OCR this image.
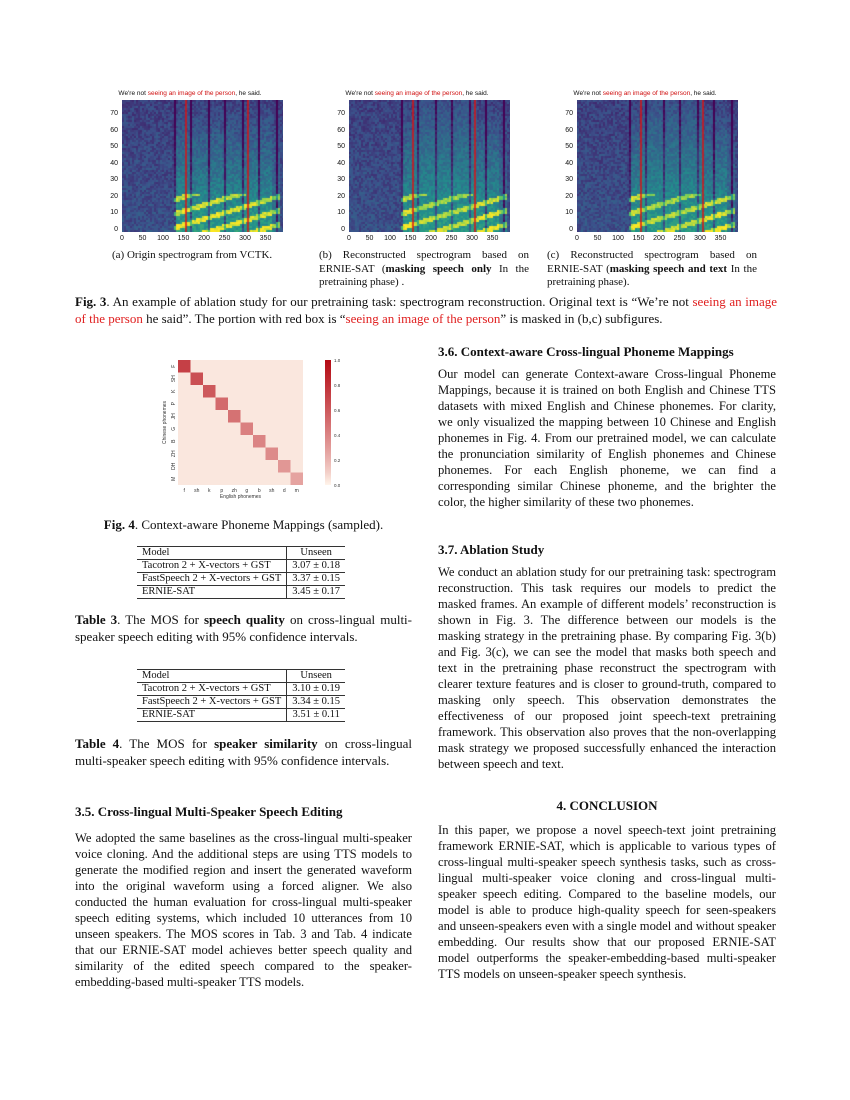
We're not seeing an image of the person, he said.
70
60
50
40
30
20
10
0
0	50	100	150	200	250	300	350
We're not seeing an image of the person, he said.
70
60
50
40
30
20
10
0
0	50	100	150	200	250	300	350
We're not seeing an image of the person, he said.
70
60
50
40
30
20
10
0
0	50	100	150	200	250	300	350
(a) Origin spectrogram from VCTK.	(b) Reconstructed spectrogram based on ERNIE-SAT (masking speech only In the pretraining phase) .
(c) Reconstructed spectrogram based on ERNIE-SAT (masking speech and text In the pretraining phase).
Fig. 3. An example of ablation study for our pretraining task: spectrogram reconstruction. Original text is “We’re not seeing an image of the person he said”. The portion with red box is “seeing an image of the person” is masked in (b,c) subfigures.
f sh k p zh g b sh d m
F
SH
K
P
JH
G
B
ZH
DH
M
English phonemes
Chinese phonemes
1.0
0.8
0.6
0.4
0.2
0.0
Fig. 4. Context-aware Phoneme Mappings (sampled).
Model	Unseen
Tacotron 2 + X-vectors + GST	3.07 ± 0.18
FastSpeech 2 + X-vectors + GST	3.37 ± 0.15
ERNIE-SAT	3.45 ± 0.17
Table 3. The MOS for speech quality on cross-lingual multi-speaker speech editing with 95% confidence intervals.
Model	Unseen
Tacotron 2 + X-vectors + GST	3.10 ± 0.19
FastSpeech 2 + X-vectors + GST	3.34 ± 0.15
ERNIE-SAT	3.51 ± 0.11
Table 4. The MOS for speaker similarity on cross-lingual multi-speaker speech editing with 95% confidence intervals.
3.5. Cross-lingual Multi-Speaker Speech Editing
We adopted the same baselines as the cross-lingual multi-speaker voice cloning. And the additional steps are using TTS models to generate the modified region and insert the generated waveform into the original waveform using a forced aligner. We also conducted the human evaluation for cross-lingual multi-speaker speech editing systems, which included 10 utterances from 10 unseen speakers. The MOS scores in Tab. 3 and Tab. 4 indicate that our ERNIE-SAT model achieves better speech quality and similarity of the edited speech compared to the speaker-embedding-based multi-speaker TTS models.
3.6. Context-aware Cross-lingual Phoneme Mappings
Our model can generate Context-aware Cross-lingual Phoneme Mappings, because it is trained on both English and Chinese TTS datasets with mixed English and Chinese phonemes. For clarity, we only visualized the mapping between 10 Chinese and English phonemes in Fig. 4. From our pretrained model, we can calculate the pronunciation similarity of English phonemes and Chinese phonemes. For each English phoneme, we can find a corresponding similar Chinese phoneme, and the brighter the color, the higher similarity of these two phonemes.
3.7. Ablation Study
We conduct an ablation study for our pretraining task: spectrogram reconstruction. This task requires our models to predict the masked frames. An example of different models’ reconstruction is shown in Fig. 3. The difference between our models is the masking strategy in the pretraining phase. By comparing Fig. 3(b) and Fig. 3(c), we can see the model that masks both speech and text in the pretraining phase reconstruct the spectrogram with clearer texture features and is closer to ground-truth, compared to masking only speech. This observation demonstrates the effectiveness of our proposed joint speech-text pretraining framework. This observation also proves that the non-overlapping mask strategy we proposed successfully enhanced the interaction between speech and text.
4. CONCLUSION
In this paper, we propose a novel speech-text joint pretraining framework ERNIE-SAT, which is applicable to various types of cross-lingual multi-speaker speech synthesis tasks, such as cross-lingual multi-speaker voice cloning and cross-lingual multi-speaker speech editing. Compared to the baseline models, our model is able to produce high-quality speech for seen-speakers and unseen-speakers even with a single model and without speaker embedding. Our results show that our proposed ERNIE-SAT model outperforms the speaker-embedding-based multi-speaker TTS models on unseen-speaker speech synthesis.
